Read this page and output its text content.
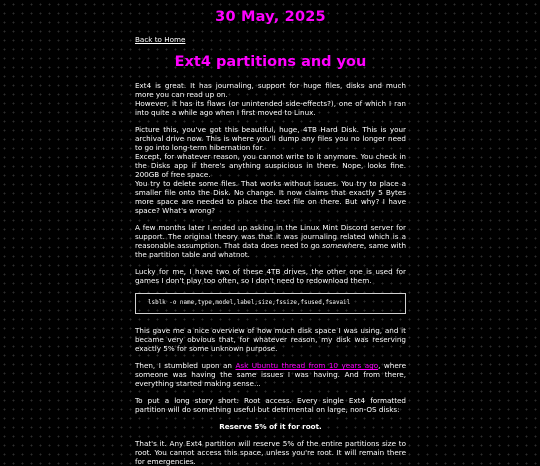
30 May, 2025
Back to Home
Ext4 partitions and you

Ext4 is great. It has journaling, support for huge files, disks and much more you can read up on.
However, it has its flaws (or unintended side-effects?), one of which I ran into quite a while ago when I first moved to Linux.

Picture this, you've got this beautiful, huge, 4TB Hard Disk. This is your archival drive now. This is where you'll dump any files you no longer need to go into long-term hibernation for.
Except, for whatever reason, you cannot write to it anymore. You check in the Disks app if there's anything suspicious in there. Nope, looks fine. 200GB of free space.
You try to delete some files. That works without issues. You try to place a smaller file onto the Disk. No change. It now claims that exactly 5 Bytes more space are needed to place the text file on there. But why? I have space? What's wrong?

A few months later I ended up asking in the Linux Mint Discord server for support. The original theory was that it was journaling related which is a reasonable assumption. That data does need to go somewhere, same with the partition table and whatnot.

Lucky for me, I have two of these 4TB drives, the other one is used for games I don't play too often, so I don't need to redownload them.

lsblk -o name,type,model,label,size,fssize,fsused,fsavail

This gave me a nice overview of how much disk space I was using, and it became very obvious that, for whatever reason, my disk was reserving exactly 5% for some unknown purpose.

Then, I stumbled upon an Ask Ubuntu thread from 10 years ago, where someone was having the same issues I was having. And from there, everything started making sense...

To put a long story short: Root access. Every single Ext4 formatted partition will do something useful but detrimental on large, non-OS disks:

Reserve 5% of it for root.

That's it. Any Ext4 partition will reserve 5% of the entire partitions size to root. You cannot access this space, unless you're root. It will remain there for emergencies.
